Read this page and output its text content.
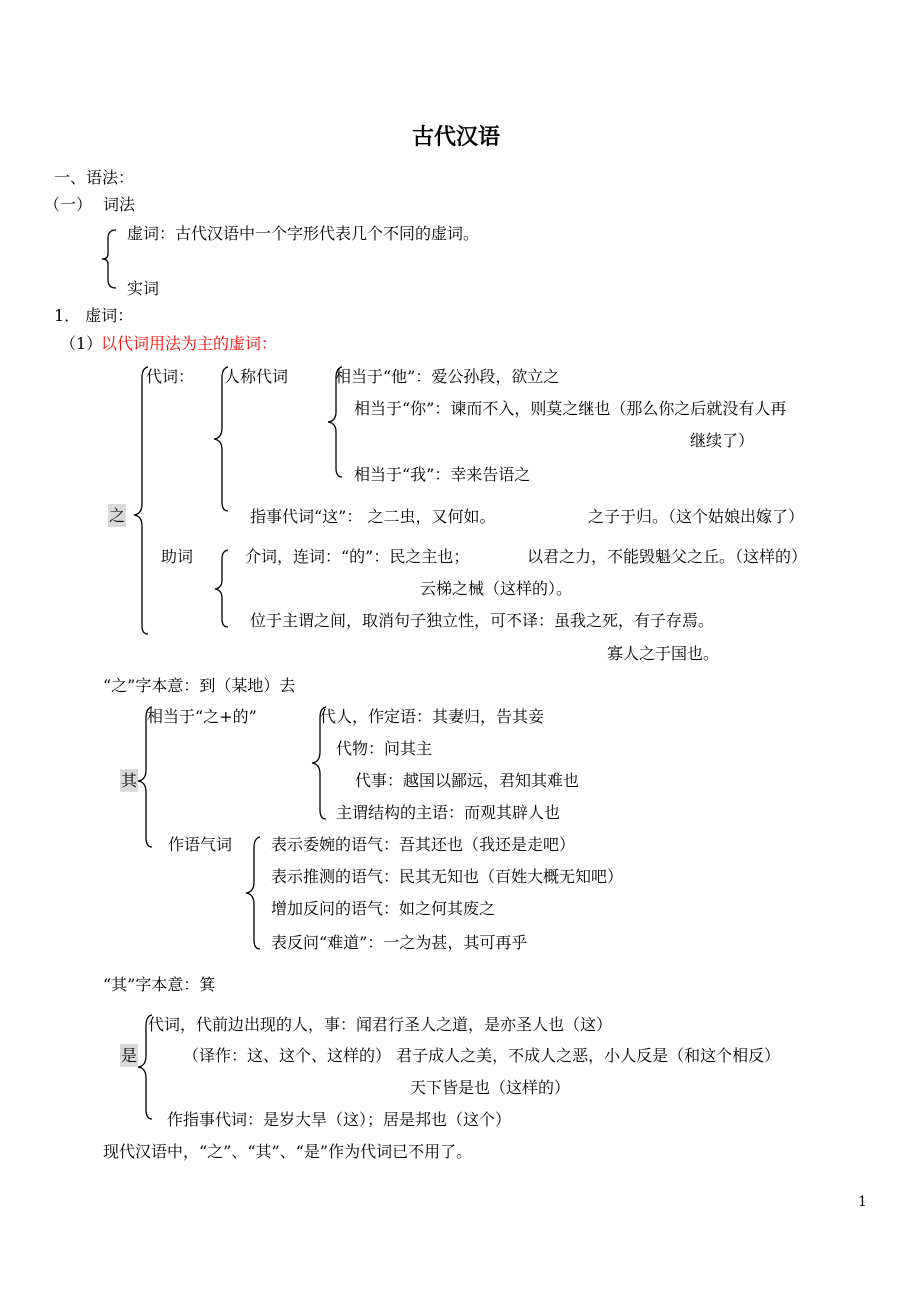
古代汉语
一、语法：
（一） 词法
虚词：古代汉语中一个字形代表几个不同的虚词。
实词
1． 虚词：
（1）
以代词用法为主的虚词：
之
代词： 人称代词	相当于“他”：爱公孙段，欲立之
相当于“你”：谏而不入，则莫之继也（那么你之后就没有人再
继续了）
相当于“我”：幸来告语之
指事代词“这”： 之二虫，又何如。	之子于归。（这个姑娘出嫁了）
助词	介词，连词：“的”：民之主也；	以君之力，不能毁魁父之丘。（这样的）
云梯之械（这样的）。
位于主谓之间，取消句子独立性，可不译：虽我之死，有子存焉。
寡人之于国也。
“之”字本意：到（某地）去
其
相当于“之+的”	代人，作定语：其妻归，告其妾
代物：问其主
代事：越国以鄙远，君知其难也
主谓结构的主语：而观其辟人也
作语气词 表示委婉的语气：吾其还也（我还是走吧）
表示推测的语气：民其无知也（百姓大概无知吧）
增加反问的语气：如之何其废之
表反问“难道”：一之为甚，其可再乎
“其”字本意：箕
是
代词，代前边出现的人，事：闻君行圣人之道，是亦圣人也（这）
（译作：这、这个、这样的） 君子成人之美，不成人之恶，小人反是（和这个相反）
天下皆是也（这样的）
作指事代词：是岁大旱（这）；居是邦也（这个）
现代汉语中，“之”、“其”、“是”作为代词已不用了。
1
